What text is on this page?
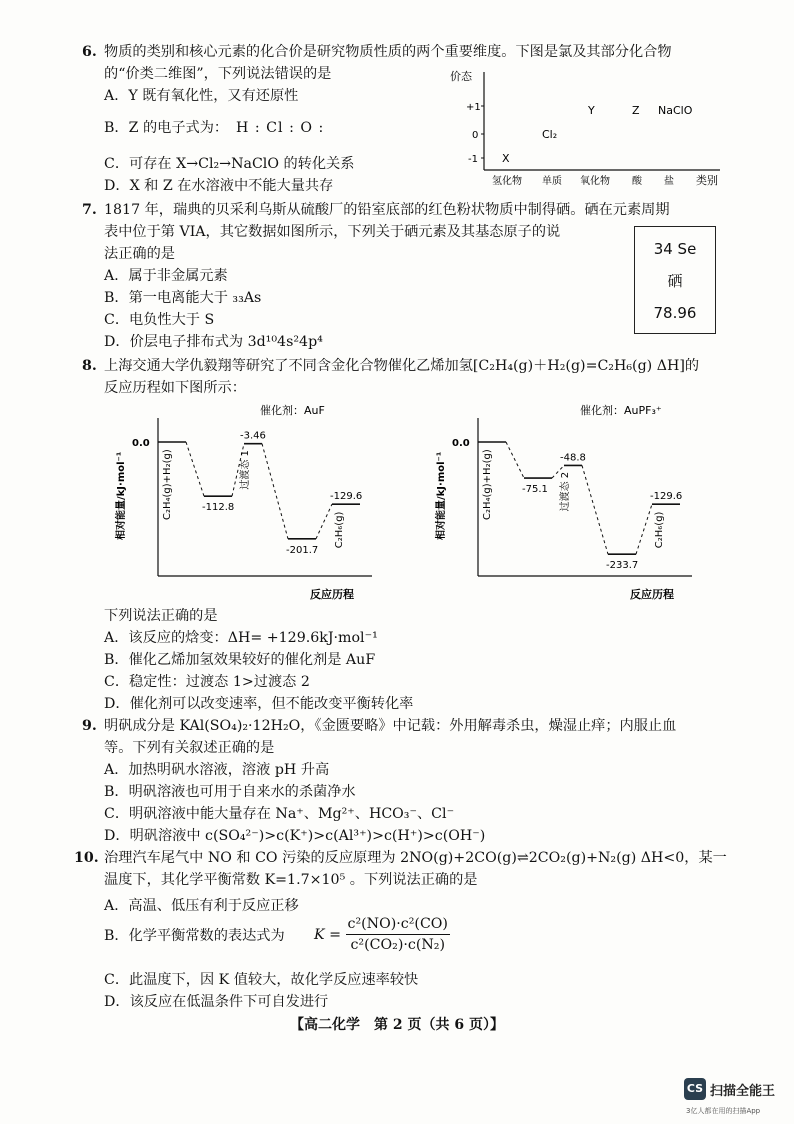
6. 物质的类别和核心元素的化合价是研究物质性质的两个重要维度。下图是氯及其部分化合物
的“价类二维图”，下列说法错误的是
A．Y 既有氧化性，又有还原性
B．Z 的电子式为： H : Cl : O :
C．可存在 X→Cl₂→NaClO 的转化关系
D．X 和 Z 在水溶液中不能大量共存
价态
类别
+1
0
-1
氢化物 单质 氧化物 酸 盐
X
Cl₂
Y	Z NaClO
7. 1817 年，瑞典的贝采利乌斯从硫酸厂的铅室底部的红色粉状物质中制得硒。硒在元素周期
表中位于第 VIA，其它数据如图所示，下列关于硒元素及其基态原子的说
法正确的是
A．属于非金属元素
B．第一电离能大于 ₃₃As
C．电负性大于 S
D．价层电子排布式为 3d¹⁰4s²4p⁴
34 Se
硒
78.96
8. 上海交通大学仇毅翔等研究了不同含金化合物催化乙烯加氢[C₂H₄(g)＋H₂(g)=C₂H₆(g) ΔH]的
反应历程如下图所示：
催化剂：AuF
反应历程
相对能量/kJ·mol⁻¹
0.0
-112.8
-3.46
-201.7
-129.6
C₂H₄(g)+H₂(g)	过渡态 1
C₂H₆(g)
催化剂：AuPF₃⁺
反应历程
相对能量/kJ·mol⁻¹
0.0
-75.1
-48.8
-233.7
-129.6
C₂H₄(g)+H₂(g)	过渡态 2
C₂H₆(g)
下列说法正确的是
A．该反应的焓变：ΔH= +129.6kJ·mol⁻¹
B．催化乙烯加氢效果较好的催化剂是 AuF
C．稳定性：过渡态 1>过渡态 2
D．催化剂可以改变速率，但不能改变平衡转化率
9. 明矾成分是 KAl(SO₄)₂·12H₂O，《金匮要略》中记载：外用解毒杀虫，燥湿止痒；内服止血
等。下列有关叙述正确的是
A．加热明矾水溶液，溶液 pH 升高
B．明矾溶液也可用于自来水的杀菌净水
C．明矾溶液中能大量存在 Na⁺、Mg²⁺、HCO₃⁻、Cl⁻
D．明矾溶液中 c(SO₄²⁻)>c(K⁺)>c(Al³⁺)>c(H⁺)>c(OH⁻)
10. 治理汽车尾气中 NO 和 CO 污染的反应原理为 2NO(g)+2CO(g)⇌2CO₂(g)+N₂(g) ΔH<0，某一
温度下，其化学平衡常数 K=1.7×10⁵ 。下列说法正确的是
A．高温、低压有利于反应正移
B．化学平衡常数的表达式为 $K = \frac{\text{c²(NO)·c²(CO)}}{\text{c²(CO₂)·c(N₂)}}$
C．此温度下，因 K 值较大，故化学反应速率较快
D．该反应在低温条件下可自发进行
【高二化学　第 2 页（共 6 页）】
CS 扫描全能王
3亿人都在用的扫描App
